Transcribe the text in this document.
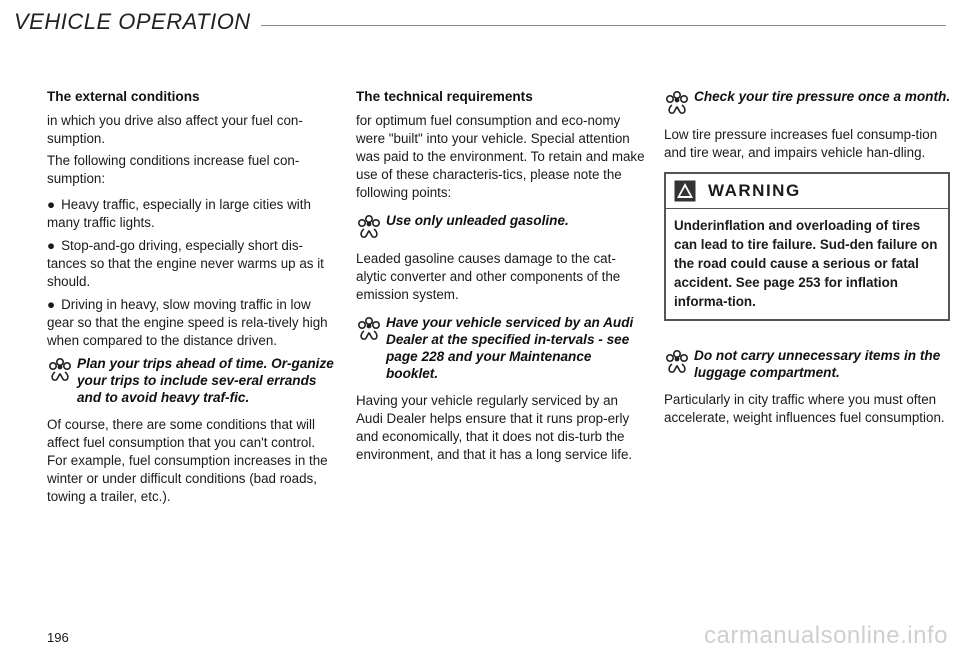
VEHICLE OPERATION
The external conditions

in which you drive also affect your fuel con-sumption.

The following conditions increase fuel con-sumption:

● Heavy traffic, especially in large cities with many traffic lights.
● Stop-and-go driving, especially short dis-tances so that the engine never warms up as it should.
● Driving in heavy, slow moving traffic in low gear so that the engine speed is rela-tively high when compared to the distance driven.
Plan your trips ahead of time. Or-ganize your trips to include sev-eral errands and to avoid heavy traf-fic.

Of course, there are some conditions that will affect fuel consumption that you can't control.

For example, fuel consumption increases in the winter or under difficult conditions (bad roads, towing a trailer, etc.).

The technical requirements

for optimum fuel consumption and eco-nomy were "built" into your vehicle. Special attention was paid to the environment. To retain and make use of these characteris-tics, please note the following points:

Use only unleaded gasoline.

Leaded gasoline causes damage to the cat-alytic converter and other components of the emission system.

Have your vehicle serviced by an Audi Dealer at the specified in-tervals - see page 228 and your Maintenance booklet.

Having your vehicle regularly serviced by an Audi Dealer helps ensure that it runs prop-erly and economically, that it does not dis-turb the environment, and that it has a long service life.

Check your tire pressure once a month.

Low tire pressure increases fuel consump-tion and tire wear, and impairs vehicle han-dling.

WARNING
Underinflation and overloading of tires can lead to tire failure. Sud-den failure on the road could cause a serious or fatal accident. See page 253 for inflation informa-tion.
Do not carry unnecessary items in the luggage compartment.

Particularly in city traffic where you must often accelerate, weight influences fuel consumption.

196	carmanualsonline.info
